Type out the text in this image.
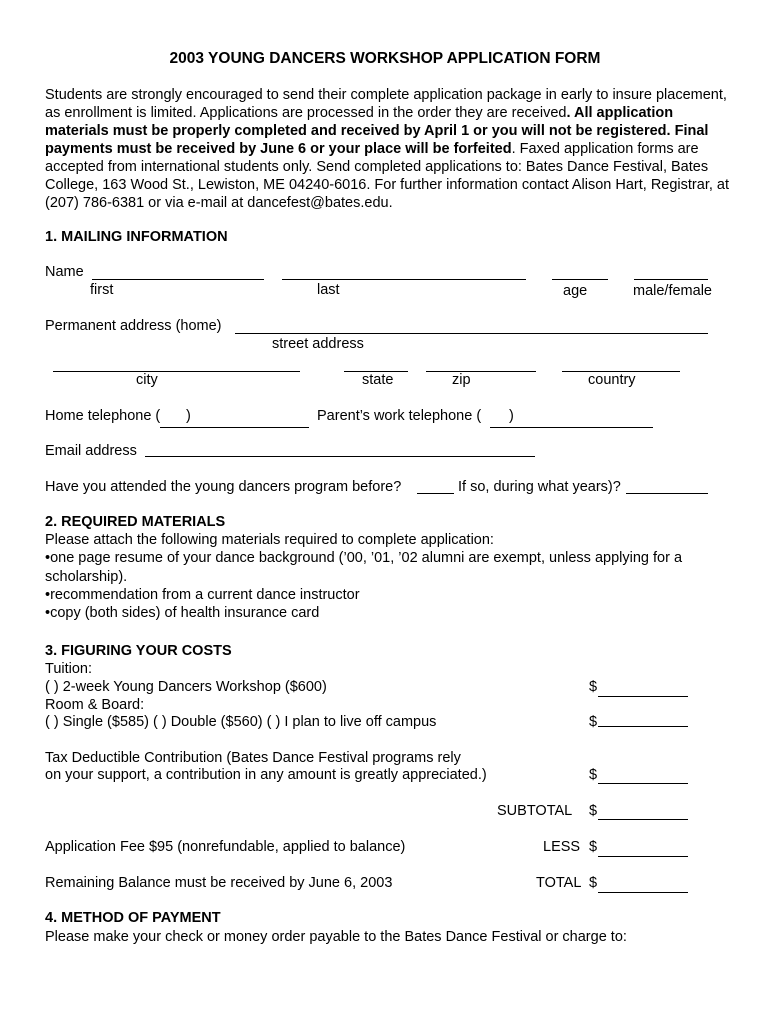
2003 YOUNG DANCERS WORKSHOP APPLICATION FORM
Students are strongly encouraged to send their complete application package in early to insure placement, as enrollment is limited. Applications are processed in the order they are received. All application materials must be properly completed and received by April 1 or you will not be registered. Final payments must be received by June 6 or your place will be forfeited. Faxed application forms are accepted from international students only. Send completed applications to: Bates Dance Festival, Bates College, 163 Wood St., Lewiston, ME 04240-6016. For further information contact Alison Hart, Registrar, at (207) 786-6381 or via e-mail at dancefest@bates.edu.
1. MAILING INFORMATION
Name
first	last	age	male/female
Permanent address (home)
street address
city	state	zip	country
Home telephone ( )	Parent’s work telephone ( )
Email address
Have you attended the young dancers program before?	If so, during what years)?
2. REQUIRED MATERIALS
Please attach the following materials required to complete application:
•one page resume of your dance background (’00, ’01, ’02 alumni are exempt, unless applying for a
scholarship).
•recommendation from a current dance instructor
•copy (both sides) of health insurance card
3. FIGURING YOUR COSTS
Tuition:
( ) 2-week Young Dancers Workshop ($600)	$
Room & Board:
( ) Single ($585) ( ) Double ($560) ( ) I plan to live off campus	$
Tax Deductible Contribution (Bates Dance Festival programs rely
on your support, a contribution in any amount is greatly appreciated.)	$
SUBTOTAL $
Application Fee $95 (nonrefundable, applied to balance)	LESS $
Remaining Balance must be received by June 6, 2003	TOTAL $
4. METHOD OF PAYMENT
Please make your check or money order payable to the Bates Dance Festival or charge to:
